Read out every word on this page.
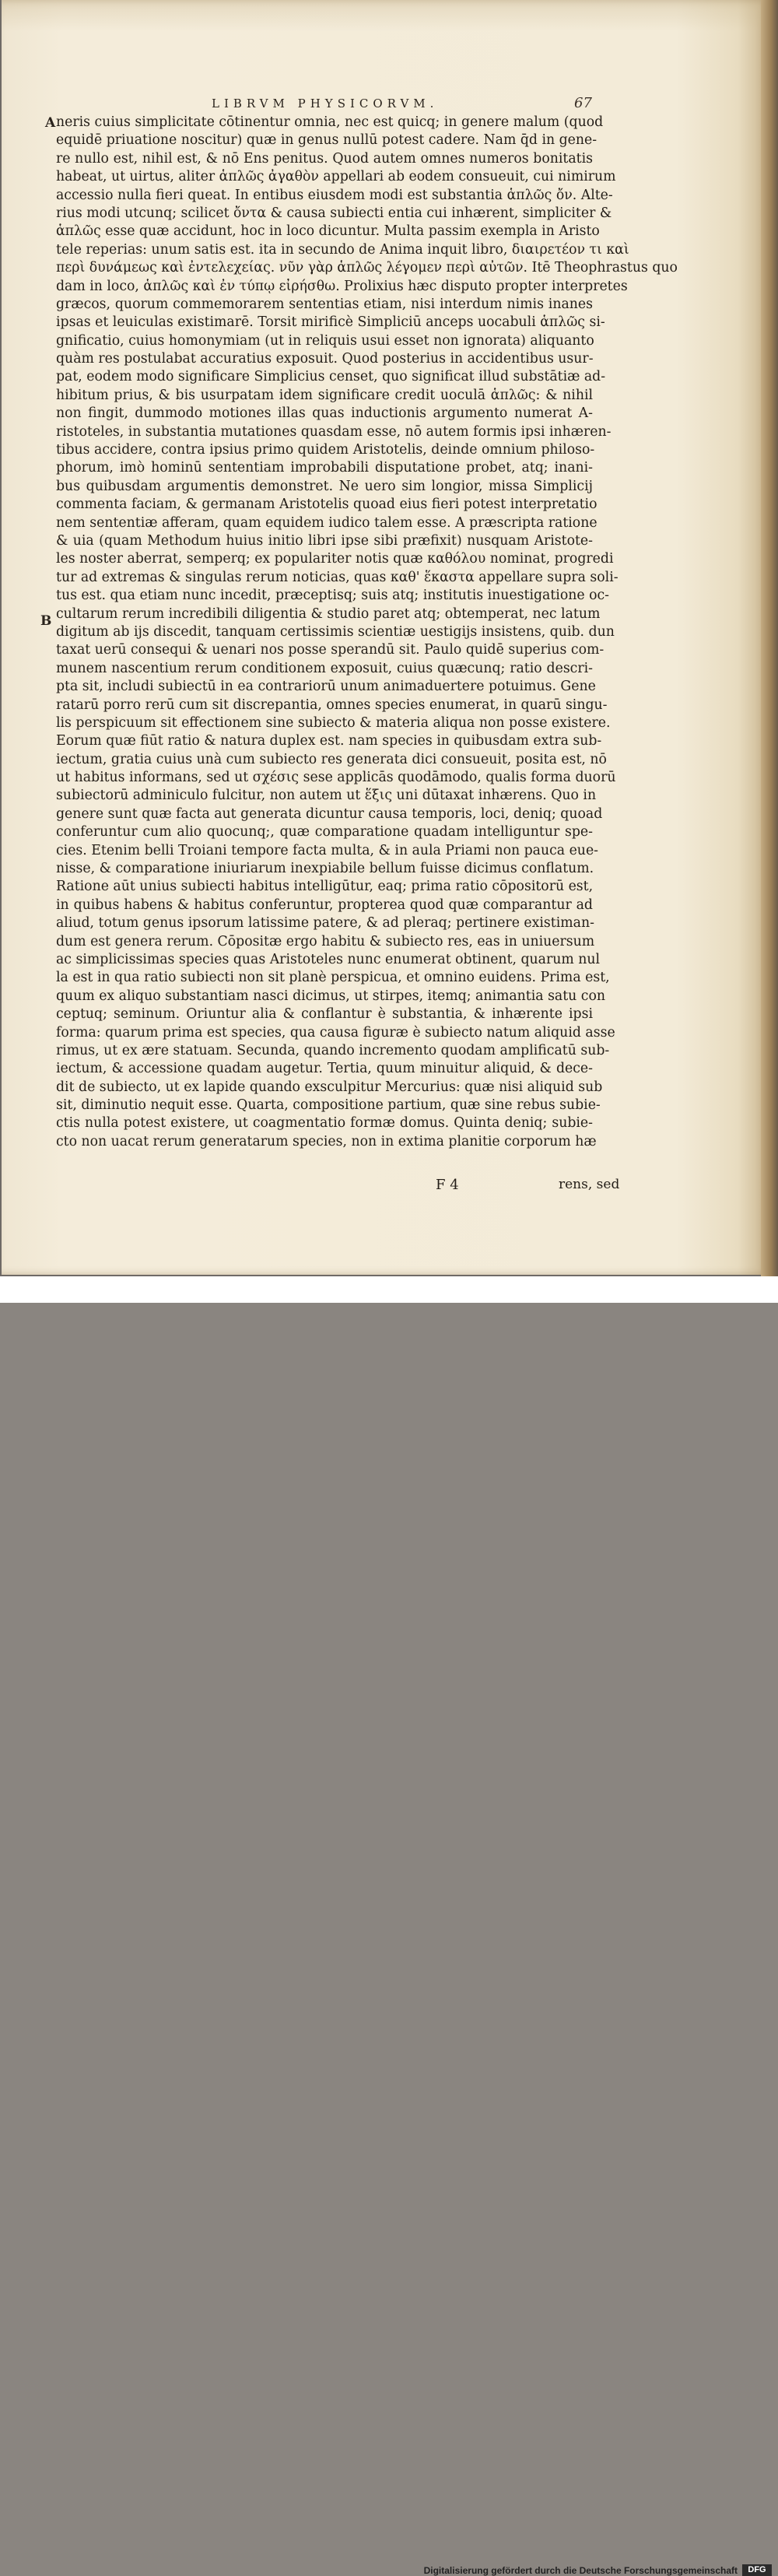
LIBRVM PHYSICORVM.	67
A
B
neris cuius simplicitate cōtinentur omnia, nec est quicq; in genere malum (quod
equidē priuatione noscitur) quæ in genus nullū potest cadere. Nam q̄d in gene-
re nullo est, nihil est, & nō Ens penitus. Quod autem omnes numeros bonitatis
habeat, ut uirtus, aliter ἁπλῶς ἀγαθὸν appellari ab eodem consueuit, cui nimirum
accessio nulla fieri queat. In entibus eiusdem modi est substantia ἁπλῶς ὄν. Alte-
rius modi utcunq; scilicet ὄντα & causa subiecti entia cui inhærent, simpliciter &
ἁπλῶς esse quæ accidunt, hoc in loco dicuntur. Multa passim exempla in Aristo
tele reperias: unum satis est. ita in secundo de Anima inquit libro, διαιρετέον τι καὶ
περὶ δυνάμεως καὶ ἐντελεχείας. νῦν γὰρ ἁπλῶς λέγομεν περὶ αὐτῶν. Itē Theophrastus quo
dam in loco, ἁπλῶς καὶ ἐν τύπῳ εἰρήσθω. Prolixius hæc disputo propter interpretes
græcos, quorum commemorarem sententias etiam, nisi interdum nimis inanes
ipsas et leuiculas existimarē. Torsit mirificè Simpliciū anceps uocabuli ἁπλῶς si-
gnificatio, cuius homonymiam (ut in reliquis usui esset non ignorata) aliquanto
quàm res postulabat accuratius exposuit. Quod posterius in accidentibus usur-
pat, eodem modo significare Simplicius censet, quo significat illud substātiæ ad-
hibitum prius, & bis usurpatam idem significare credit uoculā ἁπλῶς: & nihil
non fingit, dummodo motiones illas quas inductionis argumento numerat A-
ristoteles, in substantia mutationes quasdam esse, nō autem formis ipsi inhæren-
tibus accidere, contra ipsius primo quidem Aristotelis, deinde omnium philoso-
phorum, imò hominū sententiam improbabili disputatione probet, atq; inani-
bus quibusdam argumentis demonstret. Ne uero sim longior, missa Simplicij
commenta faciam, & germanam Aristotelis quoad eius fieri potest interpretatio
nem sententiæ afferam, quam equidem iudico talem esse. A præscripta ratione
& uia (quam Methodum huius initio libri ipse sibi præfixit) nusquam Aristote-
les noster aberrat, semperq; ex populariter notis quæ καθόλου nominat, progredi
tur ad extremas & singulas rerum noticias, quas καθ' ἕκαστα appellare supra soli-
tus est. qua etiam nunc incedit, præceptisq; suis atq; institutis inuestigatione oc-
cultarum rerum incredibili diligentia & studio paret atq; obtemperat, nec latum
digitum ab ijs discedit, tanquam certissimis scientiæ uestigijs insistens, quib. dun
taxat uerū consequi & uenari nos posse sperandū sit. Paulo quidē superius com-
munem nascentium rerum conditionem exposuit, cuius quæcunq; ratio descri-
pta sit, includi subiectū in ea contrariorū unum animaduertere potuimus. Gene
ratarū porro rerū cum sit discrepantia, omnes species enumerat, in quarū singu-
lis perspicuum sit effectionem sine subiecto & materia aliqua non posse existere.
Eorum quæ fiūt ratio & natura duplex est. nam species in quibusdam extra sub-
iectum, gratia cuius unà cum subiecto res generata dici consueuit, posita est, nō
ut habitus informans, sed ut σχέσις sese applicās quodāmodo, qualis forma duorū
subiectorū adminiculo fulcitur, non autem ut ἕξις uni dūtaxat inhærens. Quo in
genere sunt quæ facta aut generata dicuntur causa temporis, loci, deniq; quoad
conferuntur cum alio quocunq;, quæ comparatione quadam intelliguntur spe-
cies. Etenim belli Troiani tempore facta multa, & in aula Priami non pauca eue-
nisse, & comparatione iniuriarum inexpiabile bellum fuisse dicimus conflatum.
Ratione aūt unius subiecti habitus intelligūtur, eaq; prima ratio cōpositorū est,
in quibus habens & habitus conferuntur, propterea quod quæ comparantur ad
aliud, totum genus ipsorum latissime patere, & ad pleraq; pertinere existiman-
dum est genera rerum. Cōpositæ ergo habitu & subiecto res, eas in uniuersum
ac simplicissimas species quas Aristoteles nunc enumerat obtinent, quarum nul
la est in qua ratio subiecti non sit planè perspicua, et omnino euidens. Prima est,
quum ex aliquo substantiam nasci dicimus, ut stirpes, itemq; animantia satu con
ceptuq; seminum. Oriuntur alia & conflantur è substantia, & inhærente ipsi
forma: quarum prima est species, qua causa figuræ è subiecto natum aliquid asse
rimus, ut ex ære statuam. Secunda, quando incremento quodam amplificatū sub-
iectum, & accessione quadam augetur. Tertia, quum minuitur aliquid, & dece-
dit de subiecto, ut ex lapide quando exsculpitur Mercurius: quæ nisi aliquid sub
sit, diminutio nequit esse. Quarta, compositione partium, quæ sine rebus subie-
ctis nulla potest existere, ut coagmentatio formæ domus. Quinta deniq; subie-
cto non uacat rerum generatarum species, non in extima planitie corporum hæ
F 4	rens, sed
Digitalisierung gefördert durch die Deutsche Forschungsgemeinschaft	DFG
